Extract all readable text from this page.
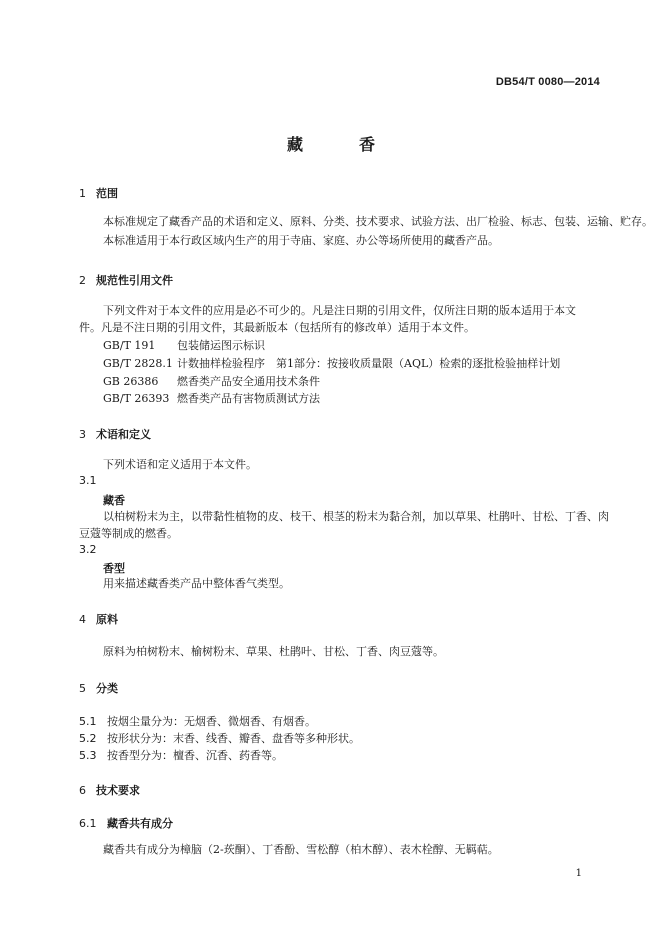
DB54/T 0080—2014
藏香
1 范围
本标准规定了藏香产品的术语和定义、原料、分类、技术要求、试验方法、出厂检验、标志、包装、运输、贮存。
本标准适用于本行政区域内生产的用于寺庙、家庭、办公等场所使用的藏香产品。
2 规范性引用文件
下列文件对于本文件的应用是必不可少的。凡是注日期的引用文件，仅所注日期的版本适用于本文
件。凡是不注日期的引用文件，其最新版本（包括所有的修改单）适用于本文件。
GB/T 191 包装储运图示标识
GB/T 2828.1 计数抽样检验程序　第1部分：按接收质量限（AQL）检索的逐批检验抽样计划
GB 26386 燃香类产品安全通用技术条件
GB/T 26393 燃香类产品有害物质测试方法
3 术语和定义
下列术语和定义适用于本文件。
3.1
藏香
以柏树粉末为主，以带黏性植物的皮、枝干、根茎的粉末为黏合剂，加以草果、杜鹃叶、甘松、丁香、肉
豆蔻等制成的燃香。
3.2
香型
用来描述藏香类产品中整体香气类型。
4 原料
原料为柏树粉末、榆树粉末、草果、杜鹃叶、甘松、丁香、肉豆蔻等。
5 分类
5.1 按烟尘量分为：无烟香、微烟香、有烟香。
5.2 按形状分为：末香、线香、瓣香、盘香等多种形状。
5.3 按香型分为：檀香、沉香、药香等。
6 技术要求
6.1 藏香共有成分
藏香共有成分为樟脑（2-莰酮）、丁香酚、雪松醇（柏木醇）、表木栓醇、无羁萜。
1
